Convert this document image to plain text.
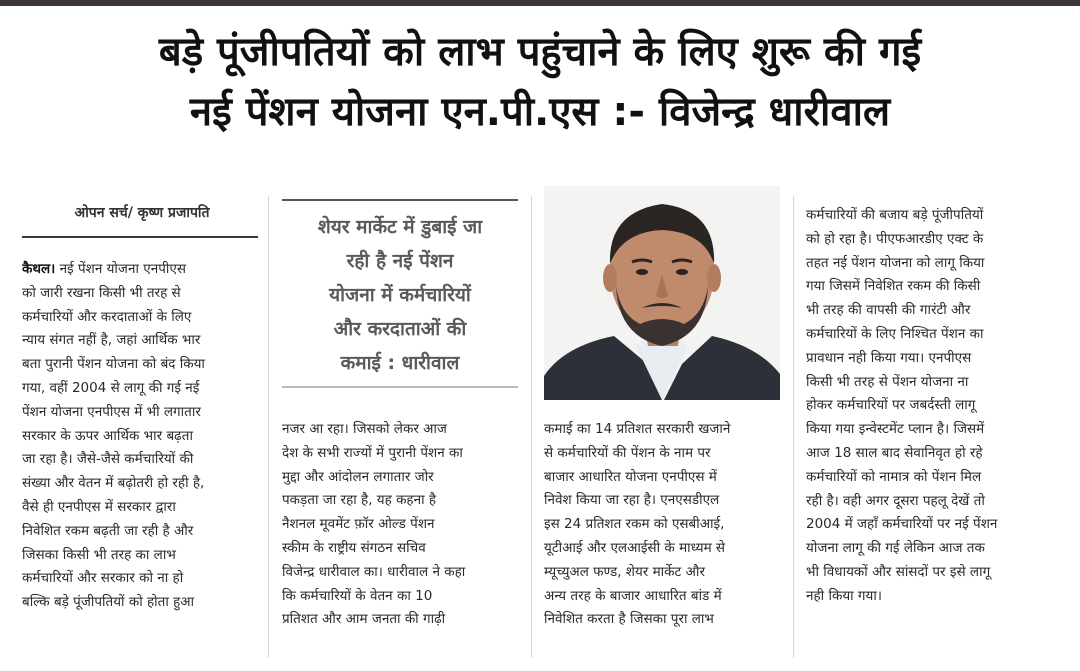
बड़े पूंजीपतियों को लाभ पहुंचाने के लिए शुरू की गई
नई पेंशन योजना एन.पी.एस :- विजेन्द्र धारीवाल
ओपन सर्च/ कृष्ण प्रजापति
कैथल। नई पेंशन योजना एनपीएस
को जारी रखना किसी भी तरह से
कर्मचारियों और करदाताओं के लिए
न्याय संगत नहीं है, जहां आर्थिक भार
बता पुरानी पेंशन योजना को बंद किया
गया, वहीं 2004 से लागू की गई नई
पेंशन योजना एनपीएस में भी लगातार
सरकार के ऊपर आर्थिक भार बढ़ता
जा रहा है। जैसे-जैसे कर्मचारियों की
संख्या और वेतन में बढ़ोतरी हो रही है,
वैसे ही एनपीएस में सरकार द्वारा
निवेशित रकम बढ़ती जा रही है और
जिसका किसी भी तरह का लाभ
कर्मचारियों और सरकार को ना हो
बल्कि बड़े पूंजीपतियों को होता हुआ
शेयर मार्केट में डुबाई जा
रही है नई पेंशन
योजना में कर्मचारियों
और करदाताओं की
कमाई : धारीवाल
नजर आ रहा। जिसको लेकर आज
देश के सभी राज्यों में पुरानी पेंशन का
मुद्दा और आंदोलन लगातार जोर
पकड़ता जा रहा है, यह कहना है
नैशनल मूवमेंट फ़ॉर ओल्ड पेंशन
स्कीम के राष्ट्रीय संगठन सचिव
विजेन्द्र धारीवाल का। धारीवाल ने कहा
कि कर्मचारियों के वेतन का 10
प्रतिशत और आम जनता की गाढ़ी
कमाई का 14 प्रतिशत सरकारी खजाने
से कर्मचारियों की पेंशन के नाम पर
बाजार आधारित योजना एनपीएस में
निवेश किया जा रहा है। एनएसडीएल
इस 24 प्रतिशत रकम को एसबीआई,
यूटीआई और एलआईसी के माध्यम से
म्यूच्युअल फण्ड, शेयर मार्केट और
अन्य तरह के बाजार आधारित बांड में
निवेशित करता है जिसका पूरा लाभ
कर्मचारियों की बजाय बड़े पूंजीपतियों
को हो रहा है। पीएफआरडीए एक्ट के
तहत नई पेंशन योजना को लागू किया
गया जिसमें निवेशित रकम की किसी
भी तरह की वापसी की गारंटी और
कर्मचारियों के लिए निश्चित पेंशन का
प्रावधान नही किया गया। एनपीएस
किसी भी तरह से पेंशन योजना ना
होकर कर्मचारियों पर जबर्दस्ती लागू
किया गया इन्वेस्टमेंट प्लान है। जिसमें
आज 18 साल बाद सेवानिवृत हो रहे
कर्मचारियों को नामात्र को पेंशन मिल
रही है। वही अगर दूसरा पहलू देखें तो
2004 में जहाँ कर्मचारियों पर नई पेंशन
योजना लागू की गई लेकिन आज तक
भी विधायकों और सांसदों पर इसे लागू
नही किया गया।
